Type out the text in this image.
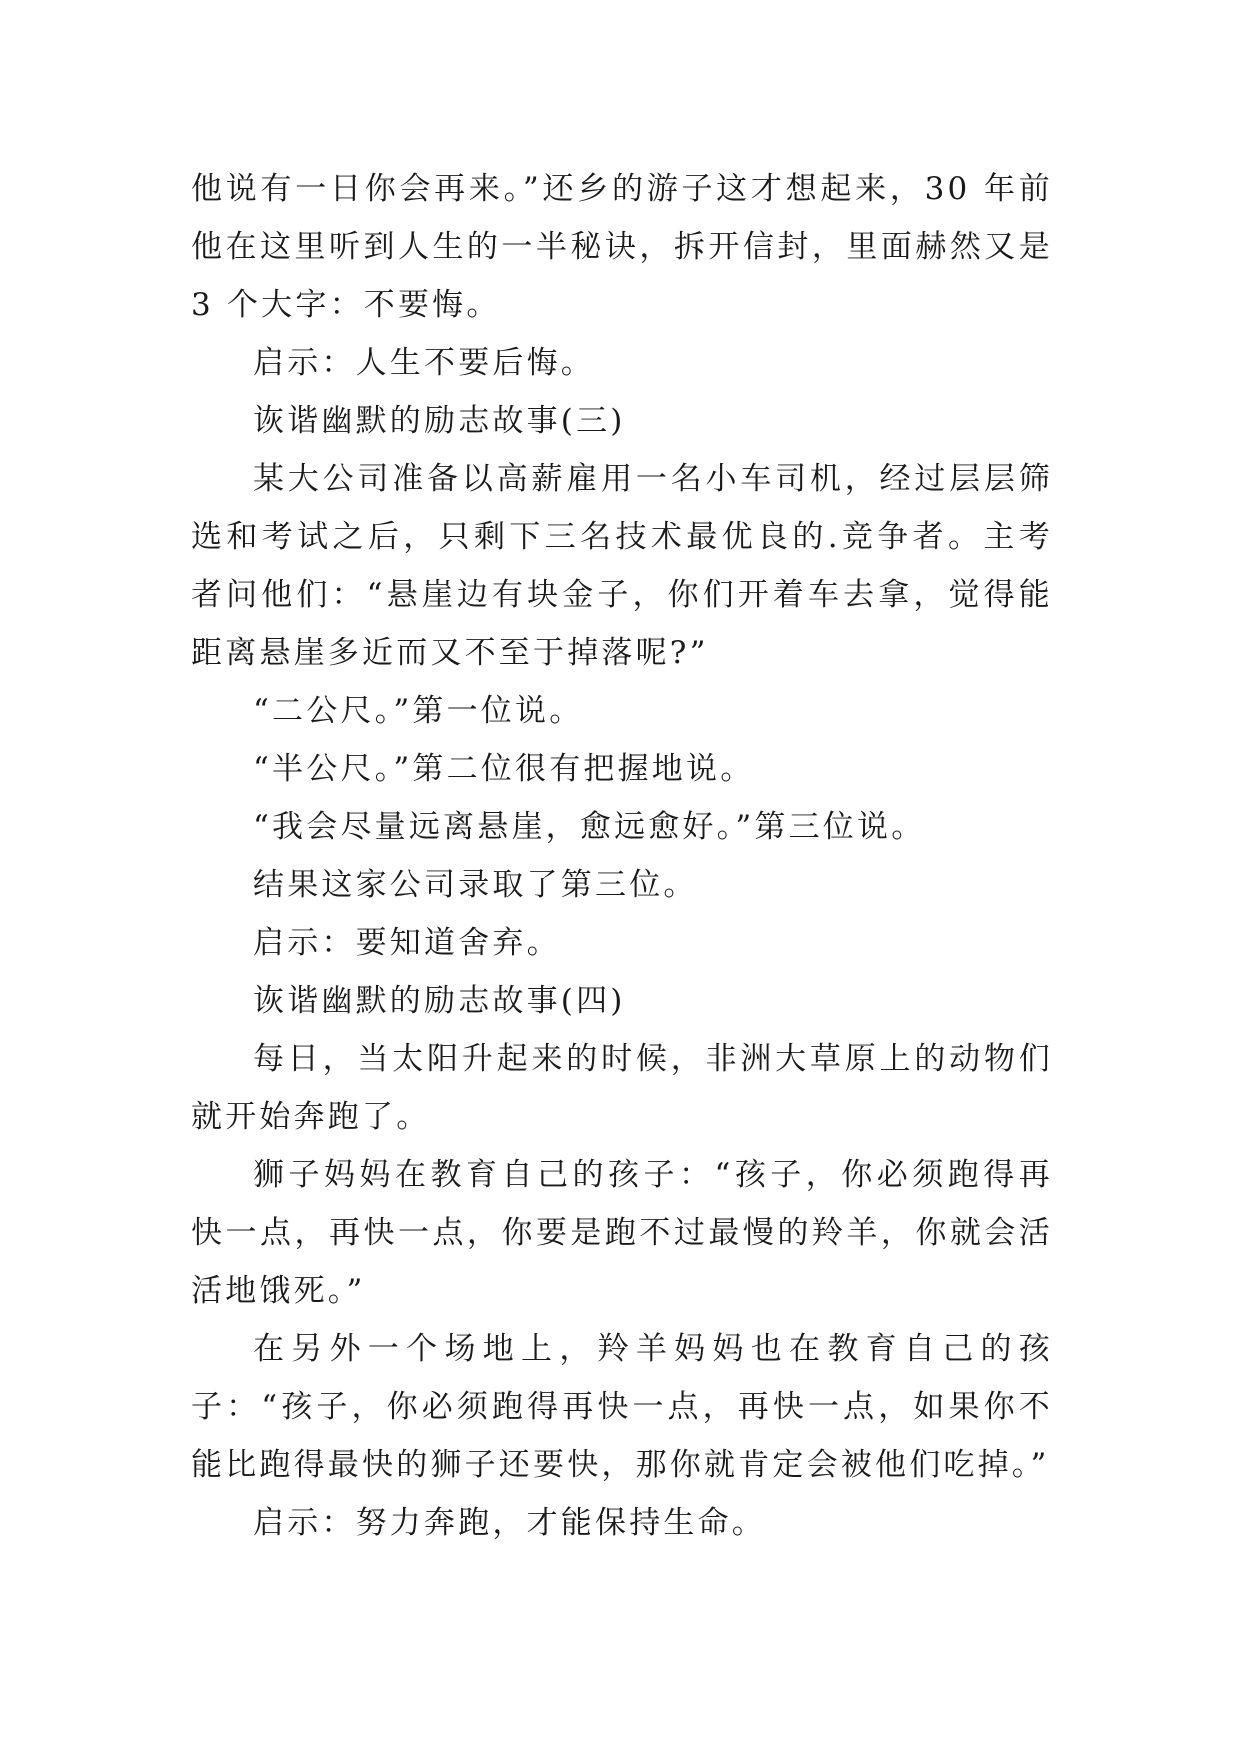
他说有一日你会再来。”还乡的游子这才想起来，30 年前他在这里听到人生的一半秘诀，拆开信封，里面赫然又是 3 个大字：不要悔。

启示：人生不要后悔。

诙谐幽默的励志故事(三)

某大公司准备以高薪雇用一名小车司机，经过层层筛选和考试之后，只剩下三名技术最优良的.竞争者。主考者问他们：“悬崖边有块金子，你们开着车去拿，觉得能距离悬崖多近而又不至于掉落呢?”

“二公尺。”第一位说。

“半公尺。”第二位很有把握地说。

“我会尽量远离悬崖，愈远愈好。”第三位说。

结果这家公司录取了第三位。

启示：要知道舍弃。

诙谐幽默的励志故事(四)

每日，当太阳升起来的时候，非洲大草原上的动物们就开始奔跑了。

狮子妈妈在教育自己的孩子：“孩子，你必须跑得再快一点，再快一点，你要是跑不过最慢的羚羊，你就会活活地饿死。”

在另外一个场地上，羚羊妈妈也在教育自己的孩子：“孩子，你必须跑得再快一点，再快一点，如果你不能比跑得最快的狮子还要快，那你就肯定会被他们吃掉。”

启示：努力奔跑，才能保持生命。
